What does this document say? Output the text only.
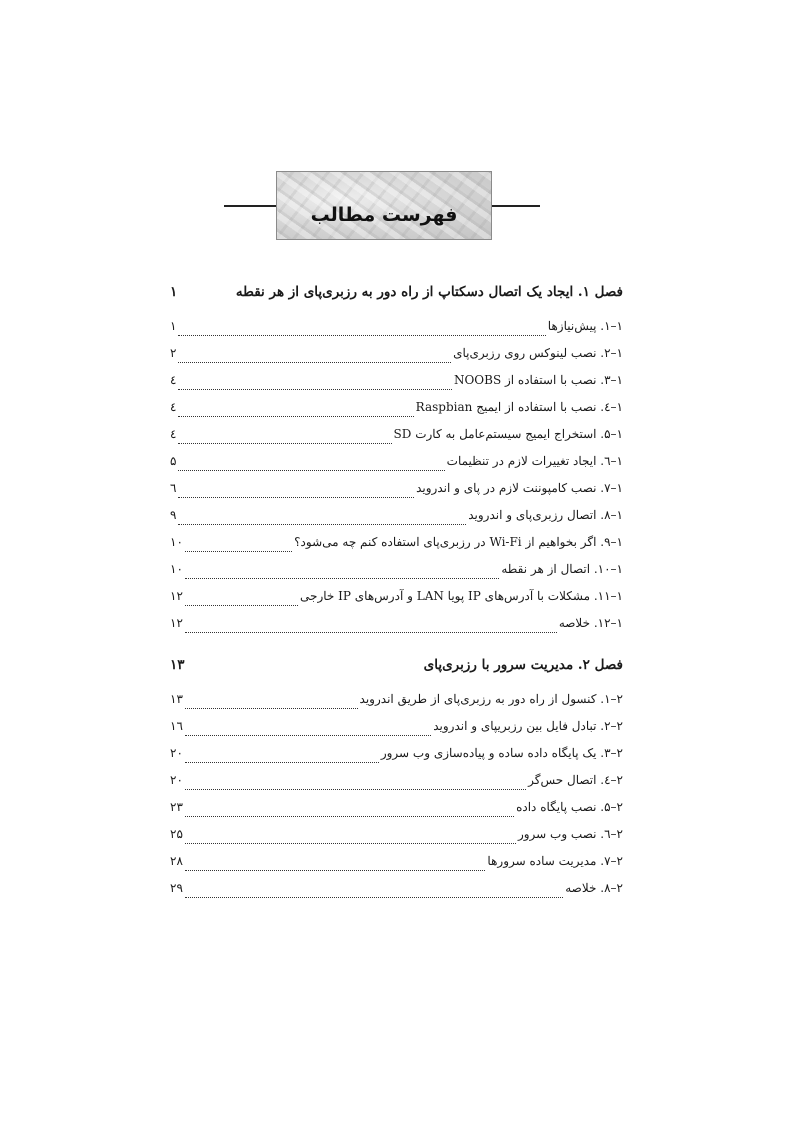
فهرست مطالب
فصل ۱. ایجاد یک اتصال دسکتاپ از راه دور به رزبری‌پای از هر نقطه
۱
۱–۱. پیش‌نیازها
۱
۱–۲. نصب لینوکس روی رزبری‌پای
۲
۱–۳. نصب با استفاده از NOOBS
٤
۱–٤. نصب با استفاده از ایمیج Raspbian
٤
۱–۵. استخراج ایمیج سیستم‌عامل به کارت SD
٤
۱–٦. ایجاد تغییرات لازم در تنظیمات
۵
۱–۷. نصب کامپوننت لازم در پای و اندروید
٦
۱–۸. اتصال رزبری‌پای و اندروید
۹
۱–۹. اگر بخواهیم از Wi-Fi در رزبری‌پای استفاده کنم چه می‌شود؟
۱۰
۱–۱۰. اتصال از هر نقطه
۱۰
۱–۱۱. مشکلات با آدرس‌های IP پویا LAN و آدرس‌های IP خارجی
۱۲
۱–۱۲. خلاصه
۱۲
فصل ۲. مدیریت سرور با رزبری‌پای
۱۳
۲–۱. کنسول از راه دور به رزبری‌پای از طریق اندروید
۱۳
۲–۲. تبادل فایل بین رزبریپای و اندروید
۱٦
۲–۳. یک پایگاه داده ساده و پیاده‌سازی وب سرور
۲۰
۲–٤. اتصال حس‌گر
۲۰
۲–۵. نصب پایگاه داده
۲۳
۲–٦. نصب وب سرور
۲۵
۲–۷. مدیریت ساده سرورها
۲۸
۲–۸. خلاصه
۲۹
